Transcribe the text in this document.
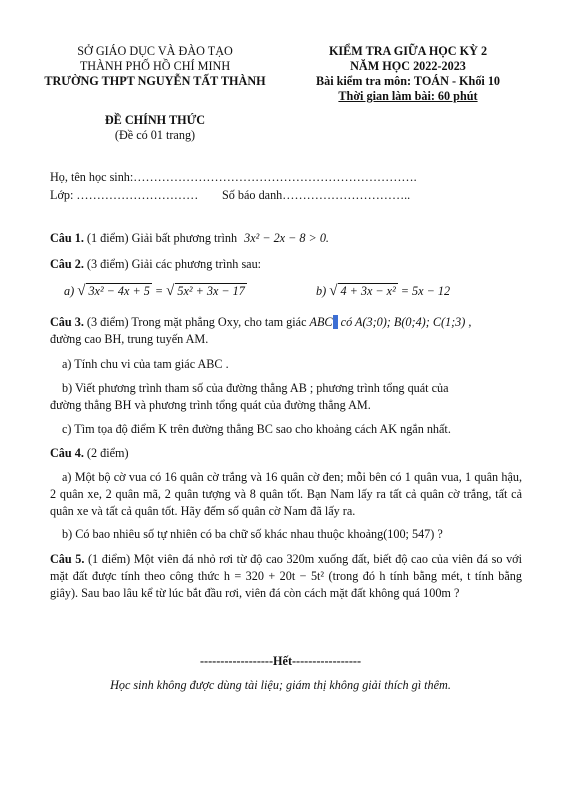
SỞ GIÁO DỤC VÀ ĐÀO TẠO
THÀNH PHỐ HỒ CHÍ MINH
TRƯỜNG THPT NGUYỄN TẤT THÀNH
ĐỀ CHÍNH THỨC
(Đề có 01 trang)
KIỂM TRA GIỮA HỌC KỲ 2
NĂM HỌC 2022-2023
Bài kiểm tra môn: TOÁN - Khối 10
Thời gian làm bài: 60 phút
Họ, tên học sinh:…………………………………………………………….
Lớp: ………………………… Số báo danh…………………………..
Câu 1. (1 điểm) Giải bất phương trình 3x² − 2x − 8 > 0.
Câu 2. (3 điểm) Giải các phương trình sau:
a) √ 3x² − 4x + 5 = √ 5x² + 3x − 17	b) √ 4 + 3x − x² = 5x − 12
Câu 3. (3 điểm) Trong mặt phẳng Oxy, cho tam giác ABC có A(3;0); B(0;4); C(1;3) ,
đường cao BH, trung tuyến AM.
a) Tính chu vi của tam giác ABC .
b) Viết phương trình tham số của đường thẳng AB ; phương trình tổng quát của
đường thẳng BH và phương trình tổng quát của đường thẳng AM.
c) Tìm tọa độ điểm K trên đường thẳng BC sao cho khoảng cách AK ngắn nhất.
Câu 4. (2 điểm)
a) Một bộ cờ vua có 16 quân cờ trắng và 16 quân cờ đen; mỗi bên có 1 quân vua, 1 quân hậu, 2 quân xe, 2 quân mã, 2 quân tượng và 8 quân tốt. Bạn Nam lấy ra tất cả quân cờ trắng, tất cả quân xe và tất cả quân tốt. Hãy đếm số quân cờ Nam đã lấy ra.
b) Có bao nhiêu số tự nhiên có ba chữ số khác nhau thuộc khoảng(100; 547) ?
Câu 5. (1 điểm) Một viên đá nhỏ rơi từ độ cao 320m xuống đất, biết độ cao của viên đá so với mặt đất được tính theo công thức h = 320 + 20t − 5t² (trong đó h tính bằng mét, t tính bằng giây). Sau bao lâu kể từ lúc bắt đầu rơi, viên đá còn cách mặt đất không quá 100m ?
------------------Hết-----------------
Học sinh không được dùng tài liệu; giám thị không giải thích gì thêm.
